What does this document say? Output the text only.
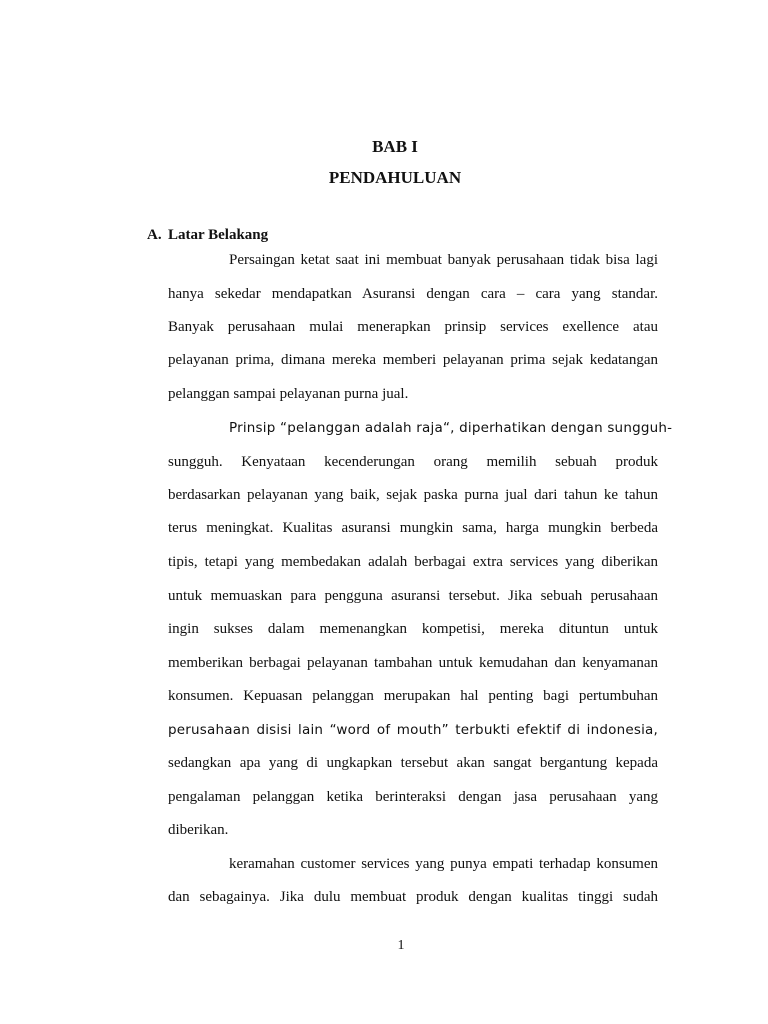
BAB I
PENDAHULUAN
A. Latar Belakang
Persaingan ketat saat ini membuat banyak perusahaan tidak bisa lagi
hanya sekedar mendapatkan Asuransi dengan cara – cara yang standar.
Banyak perusahaan mulai menerapkan prinsip services exellence atau
pelayanan prima, dimana mereka memberi pelayanan prima sejak kedatangan
pelanggan sampai pelayanan purna jual.
Prinsip “pelanggan adalah raja“, diperhatikan dengan sungguh-
sungguh. Kenyataan kecenderungan orang memilih sebuah produk
berdasarkan pelayanan yang baik, sejak paska purna jual dari tahun ke tahun
terus meningkat. Kualitas asuransi mungkin sama, harga mungkin berbeda
tipis, tetapi yang membedakan adalah berbagai extra services yang diberikan
untuk memuaskan para pengguna asuransi tersebut. Jika sebuah perusahaan
ingin sukses dalam memenangkan kompetisi, mereka dituntun untuk
memberikan berbagai pelayanan tambahan untuk kemudahan dan kenyamanan
konsumen. Kepuasan pelanggan merupakan hal penting bagi pertumbuhan
perusahaan disisi lain “word of mouth” terbukti efektif di indonesia,
sedangkan apa yang di ungkapkan tersebut akan sangat bergantung kepada
pengalaman pelanggan ketika berinteraksi dengan jasa perusahaan yang
diberikan.
keramahan customer services yang punya empati terhadap konsumen
dan sebagainya. Jika dulu membuat produk dengan kualitas tinggi sudah
1
